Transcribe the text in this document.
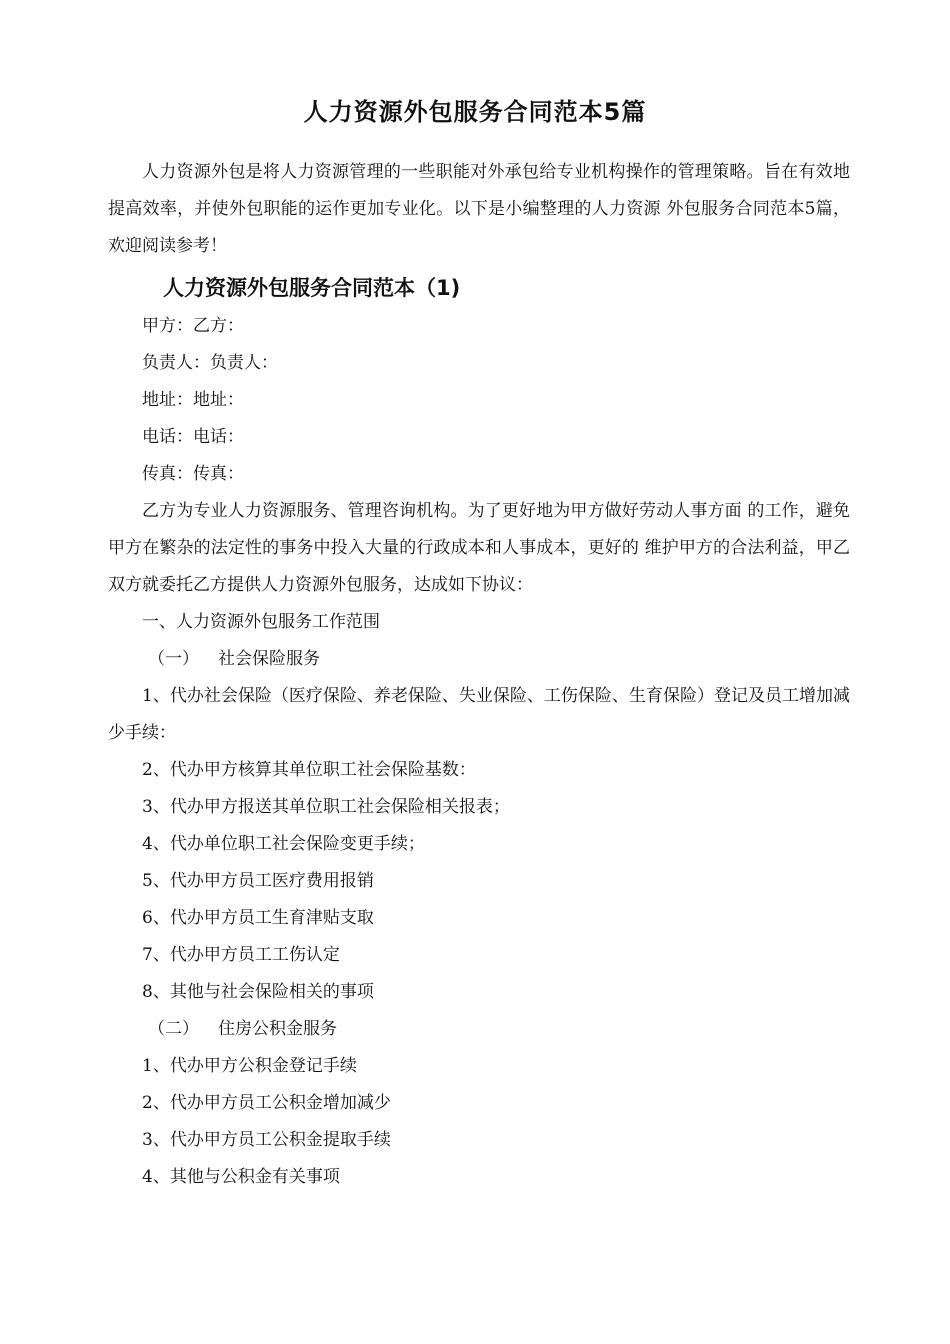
人力资源外包服务合同范本5篇

人力资源外包是将人力资源管理的一些职能对外承包给专业机构操作的管理策略。旨在有效地提高效率，并使外包职能的运作更加专业化。以下是小编整理的人力资源 外包服务合同范本5篇，欢迎阅读参考！

人力资源外包服务合同范本（1)

甲方：乙方：

负责人：负责人：

地址：地址：

电话：电话：

传真：传真：

乙方为专业人力资源服务、管理咨询机构。为了更好地为甲方做好劳动人事方面 的工作，避免甲方在繁杂的法定性的事务中投入大量的行政成本和人事成本，更好的 维护甲方的合法利益，甲乙双方就委托乙方提供人力资源外包服务，达成如下协议：

一、人力资源外包服务工作范围

（一） 社会保险服务

1、代办社会保险（医疗保险、养老保险、失业保险、工伤保险、生育保险）登记及员工增加减少手续：

2、代办甲方核算其单位职工社会保险基数：

3、代办甲方报送其单位职工社会保险相关报表；

4、代办单位职工社会保险变更手续；

5、代办甲方员工医疗费用报销

6、代办甲方员工生育津贴支取

7、代办甲方员工工伤认定

8、其他与社会保险相关的事项

（二） 住房公积金服务

1、代办甲方公积金登记手续

2、代办甲方员工公积金增加减少

3、代办甲方员工公积金提取手续

4、其他与公积金有关事项
